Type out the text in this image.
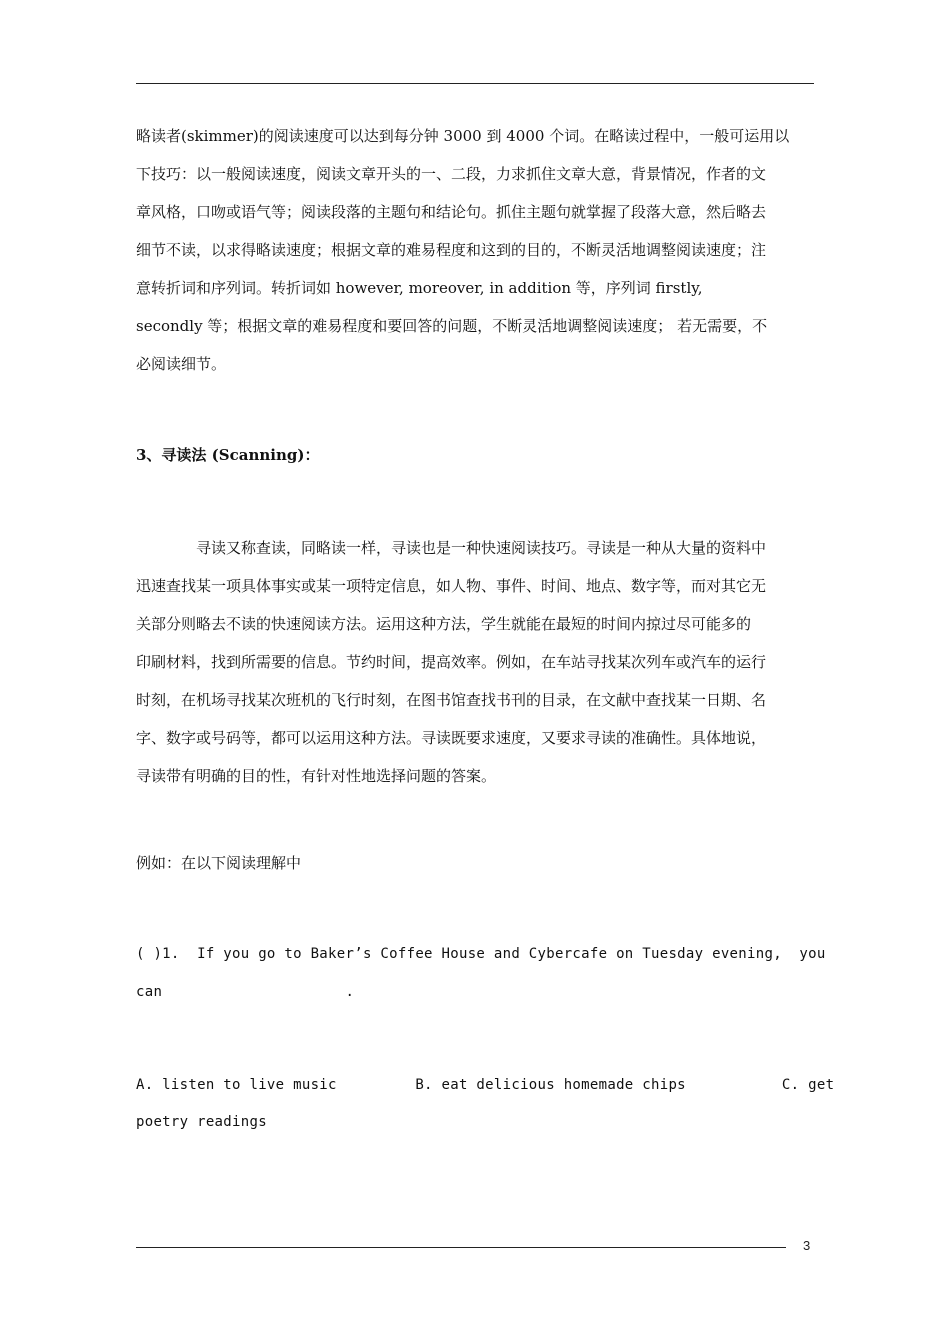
略读者(skimmer)的阅读速度可以达到每分钟 3000 到 4000 个词。在略读过程中，一般可运用以
下技巧：以一般阅读速度，阅读文章开头的一、二段，力求抓住文章大意，背景情况，作者的文
章风格，口吻或语气等；阅读段落的主题句和结论句。抓住主题句就掌握了段落大意，然后略去
细节不读，以求得略读速度；根据文章的难易程度和这到的目的，不断灵活地调整阅读速度；注
意转折词和序列词。转折词如 however, moreover, in addition 等，序列词 firstly,
secondly 等；根据文章的难易程度和要回答的问题，不断灵活地调整阅读速度； 若无需要，不
必阅读细节。
3、寻读法 (Scanning)：
寻读又称查读，同略读一样，寻读也是一种快速阅读技巧。寻读是一种从大量的资料中
迅速查找某一项具体事实或某一项特定信息，如人物、事件、时间、地点、数字等，而对其它无
关部分则略去不读的快速阅读方法。运用这种方法，学生就能在最短的时间内掠过尽可能多的
印刷材料，找到所需要的信息。节约时间，提高效率。例如，在车站寻找某次列车或汽车的运行
时刻，在机场寻找某次班机的飞行时刻，在图书馆查找书刊的目录，在文献中查找某一日期、名
字、数字或号码等，都可以运用这种方法。寻读既要求速度，又要求寻读的准确性。具体地说，
寻读带有明确的目的性，有针对性地选择问题的答案。
例如：在以下阅读理解中
( )1.  If you go to Baker’s Coffee House and Cybercafe on Tuesday evening,  you
can                     .
A. listen to live music         B. eat delicious homemade chips           C. get
poetry readings
3
